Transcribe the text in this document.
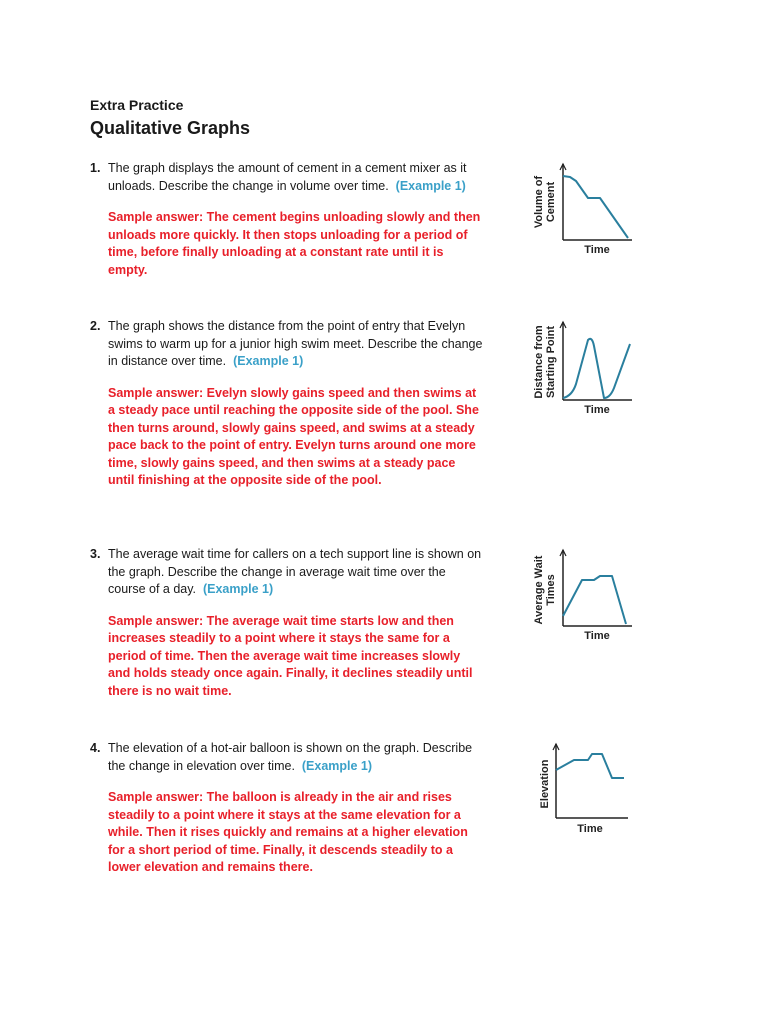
Extra Practice

Qualitative Graphs

1. The graph displays the amount of cement in a cement mixer as it unloads. Describe the change in volume over time. (Example 1)
Sample answer: The cement begins unloading slowly and then unloads more quickly. It then stops unloading for a period of time, before finally unloading at a constant rate until it is empty.
2. The graph shows the distance from the point of entry that Evelyn swims to warm up for a junior high swim meet. Describe the change in distance over time. (Example 1)
Sample answer: Evelyn slowly gains speed and then swims at a steady pace until reaching the opposite side of the pool. She then turns around, slowly gains speed, and swims at a steady pace back to the point of entry. Evelyn turns around one more time, slowly gains speed, and then swims at a steady pace until finishing at the opposite side of the pool.
3. The average wait time for callers on a tech support line is shown on the graph. Describe the change in average wait time over the course of a day. (Example 1)
Sample answer: The average wait time starts low and then increases steadily to a point where it stays the same for a period of time. Then the average wait time increases slowly and holds steady once again. Finally, it declines steadily until there is no wait time.
4. The elevation of a hot-air balloon is shown on the graph. Describe the change in elevation over time. (Example 1)
Sample answer: The balloon is already in the air and rises steadily to a point where it stays at the same elevation for a while. Then it rises quickly and remains at a higher elevation for a short period of time. Finally, it descends steadily to a lower elevation and remains there.
Volume of Cement
Time
Distance from Starting Point
Time
Average Wait Times
Time
Elevation
Time
